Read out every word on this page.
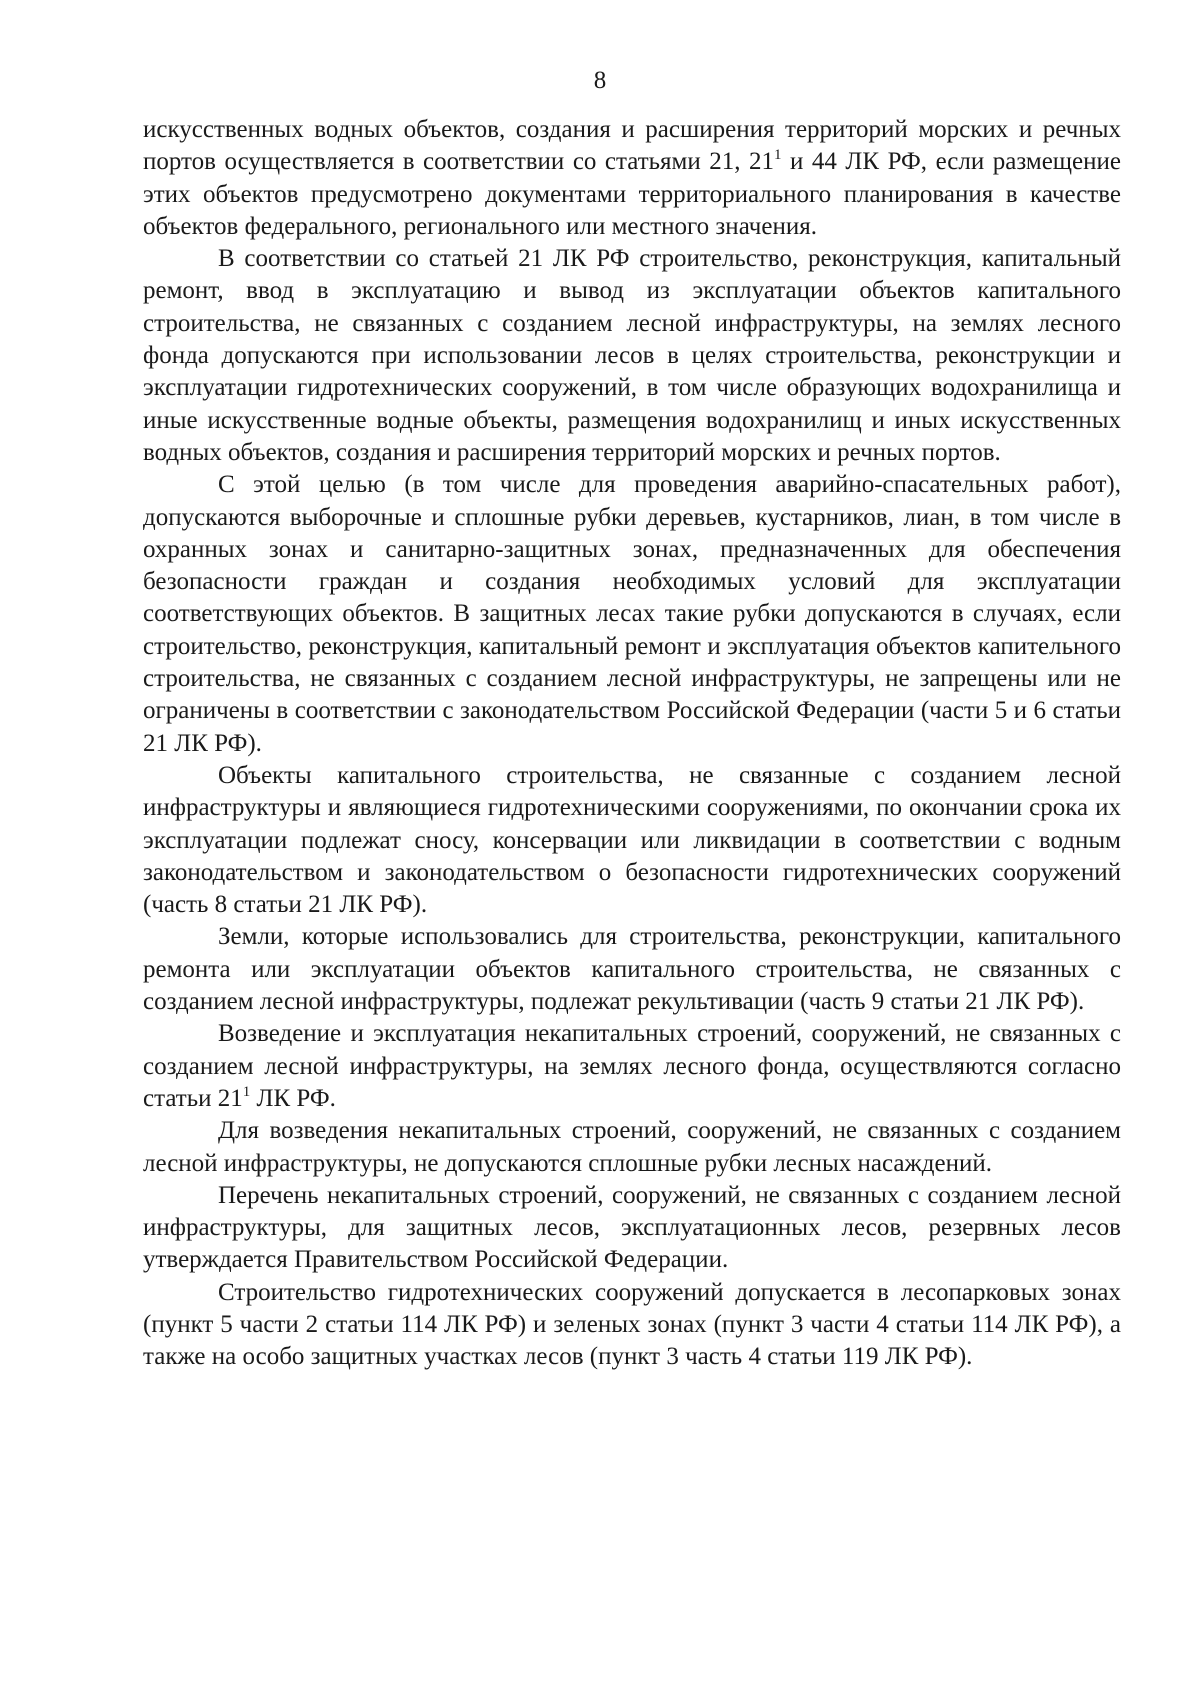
8

искусственных водных объектов, создания и расширения территорий морских и речных портов осуществляется в соответствии со статьями 21, $21^1$ и 44 ЛК РФ, если размещение этих объектов предусмотрено документами территориального планирования в качестве объектов федерального, регионального или местного значения.

В соответствии со статьей 21 ЛК РФ строительство, реконструкция, капитальный ремонт, ввод в эксплуатацию и вывод из эксплуатации объектов капитального строительства, не связанных с созданием лесной инфраструктуры, на землях лесного фонда допускаются при использовании лесов в целях строительства, реконструкции и эксплуатации гидротехнических сооружений, в том числе образующих водохранилища и иные искусственные водные объекты, размещения водохранилищ и иных искусственных водных объектов, создания и расширения территорий морских и речных портов.

С этой целью (в том числе для проведения аварийно-спасательных работ), допускаются выборочные и сплошные рубки деревьев, кустарников, лиан, в том числе в охранных зонах и санитарно-защитных зонах, предназначенных для обеспечения безопасности граждан и создания необходимых условий для эксплуатации соответствующих объектов. В защитных лесах такие рубки допускаются в случаях, если строительство, реконструкция, капитальный ремонт и эксплуатация объектов капительного строительства, не связанных с созданием лесной инфраструктуры, не запрещены или не ограничены в соответствии с законодательством Российской Федерации (части 5 и 6 статьи 21 ЛК РФ).

Объекты капитального строительства, не связанные с созданием лесной инфраструктуры и являющиеся гидротехническими сооружениями, по окончании срока их эксплуатации подлежат сносу, консервации или ликвидации в соответствии с водным законодательством и законодательством о безопасности гидротехнических сооружений (часть 8 статьи 21 ЛК РФ).

Земли, которые использовались для строительства, реконструкции, капитального ремонта или эксплуатации объектов капитального строительства, не связанных с созданием лесной инфраструктуры, подлежат рекультивации (часть 9 статьи 21 ЛК РФ).

Возведение и эксплуатация некапитальных строений, сооружений, не связанных с созданием лесной инфраструктуры, на землях лесного фонда, осуществляются согласно статьи $21^1$ ЛК РФ.

Для возведения некапитальных строений, сооружений, не связанных с созданием лесной инфраструктуры, не допускаются сплошные рубки лесных насаждений.

Перечень некапитальных строений, сооружений, не связанных с созданием лесной инфраструктуры, для защитных лесов, эксплуатационных лесов, резервных лесов утверждается Правительством Российской Федерации.

Строительство гидротехнических сооружений допускается в лесопарковых зонах (пункт 5 части 2 статьи 114 ЛК РФ) и зеленых зонах (пункт 3 части 4 статьи 114 ЛК РФ), а также на особо защитных участках лесов (пункт 3 часть 4 статьи 119 ЛК РФ).
